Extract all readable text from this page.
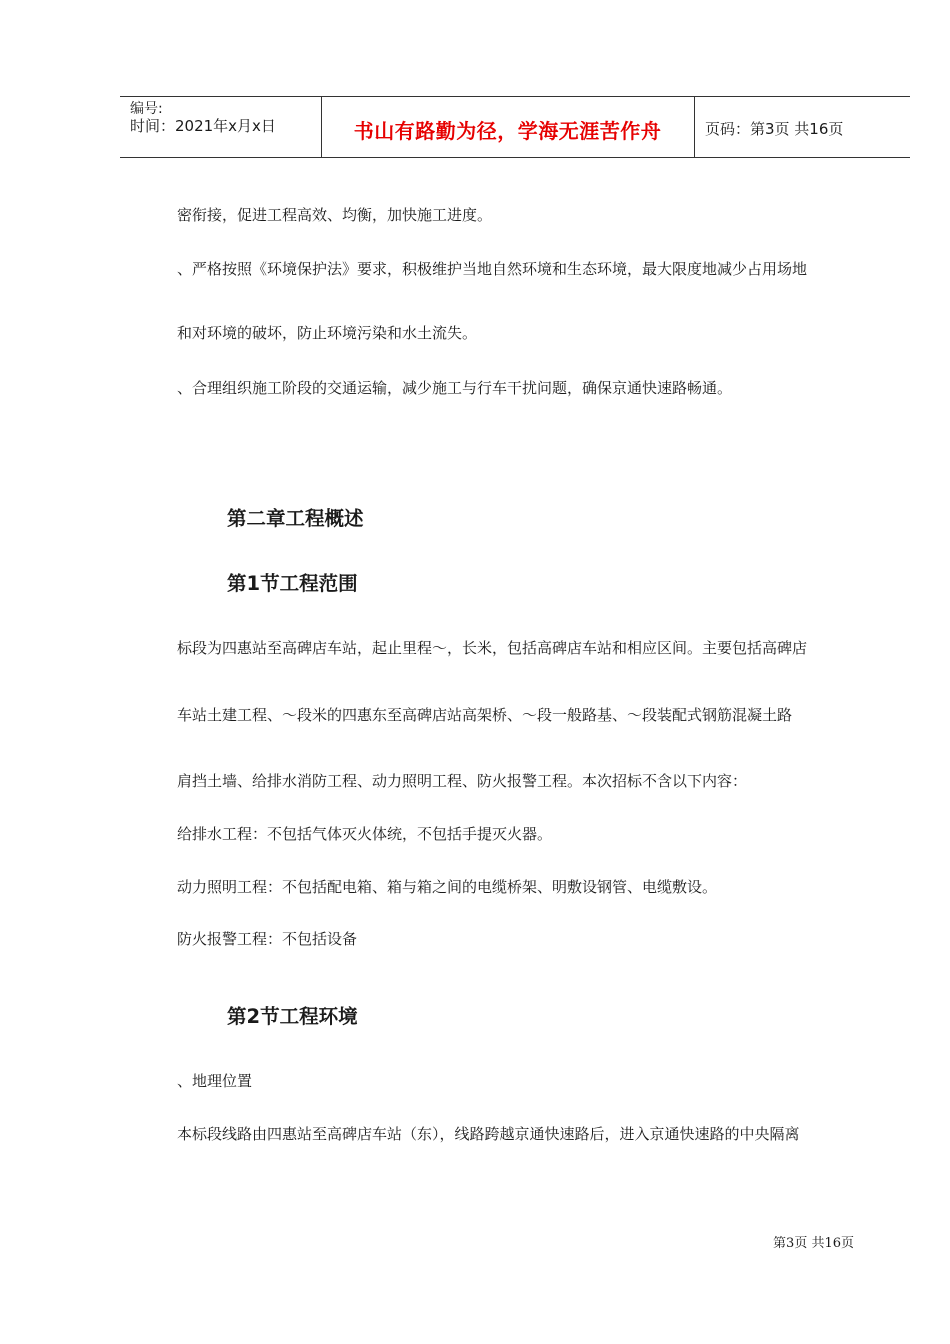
编号:
时间：2021年x月x日	书山有路勤为径，学海无涯苦作舟	页码：第3页 共16页
密衔接，促进工程高效、均衡，加快施工进度。
、严格按照《环境保护法》要求，积极维护当地自然环境和生态环境，最大限度地减少占用场地
和对环境的破坏，防止环境污染和水土流失。
、合理组织施工阶段的交通运输，减少施工与行车干扰问题，确保京通快速路畅通。
第二章工程概述
第1节工程范围
标段为四惠站至高碑店车站，起止里程～，长米，包括高碑店车站和相应区间。主要包括高碑店
车站土建工程、～段米的四惠东至高碑店站高架桥、～段一般路基、～段装配式钢筋混凝土路
肩挡土墙、给排水消防工程、动力照明工程、防火报警工程。本次招标不含以下内容：
给排水工程：不包括气体灭火体统，不包括手提灭火器。
动力照明工程：不包括配电箱、箱与箱之间的电缆桥架、明敷设钢管、电缆敷设。
防火报警工程：不包括设备
第2节工程环境
、地理位置
本标段线路由四惠站至高碑店车站（东），线路跨越京通快速路后，进入京通快速路的中央隔离
第3页 共16页
